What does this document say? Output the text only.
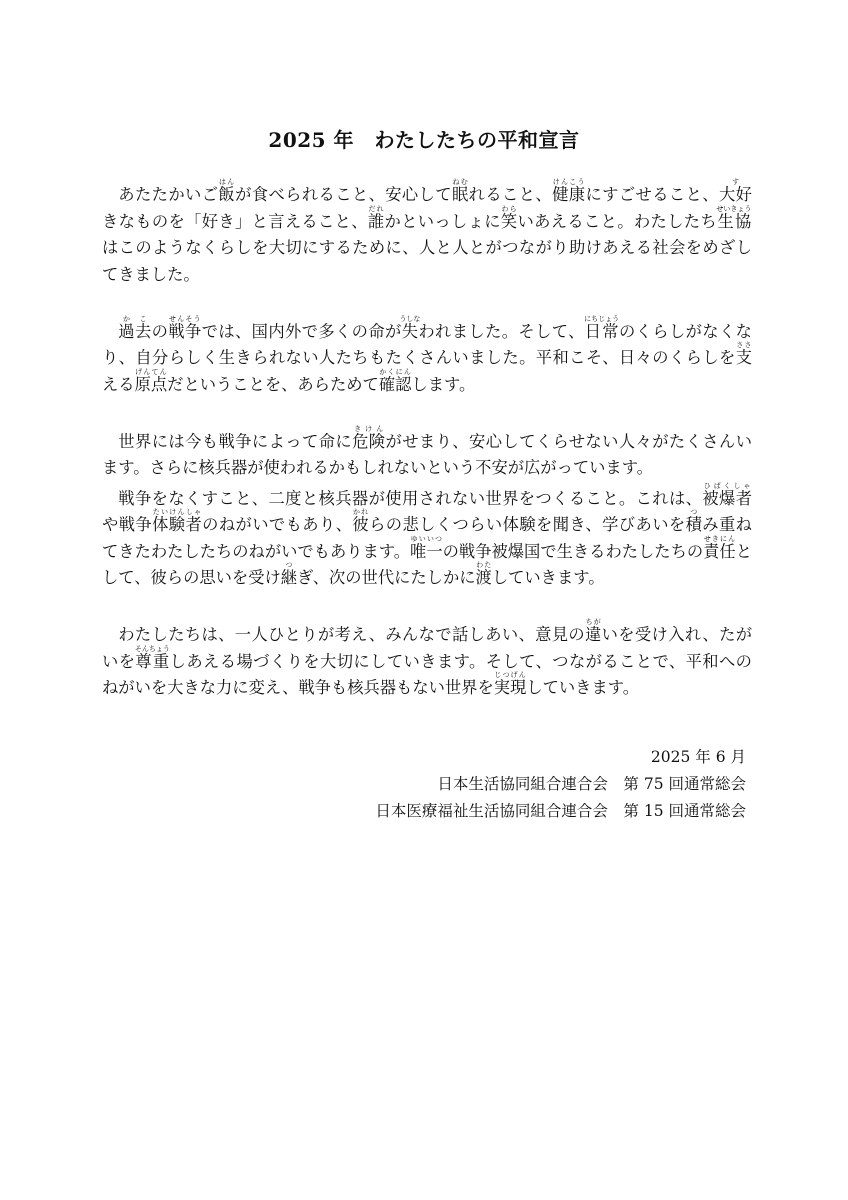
2025 年　わたしたちの平和宣言

あたたかいご飯はんが食べられること、安心して眠ねむれること、健康けんこうにすごせること、大好すきなものを「好き」と言えること、誰だれかといっしょに笑わらいあえること。わたしたち生協せいきょうはこのようなくらしを大切にするために、人と人とがつながり助けあえる社会をめざしてきました。

過去かこの戦争せんそうでは、国内外で多くの命が失うしなわれました。そして、日常にちじょうのくらしがなくなり、自分らしく生きられない人たちもたくさんいました。平和こそ、日々のくらしを支ささえる原点げんてんだということを、あらためて確認かくにんします。

世界には今も戦争によって命に危険きけんがせまり、安心してくらせない人々がたくさんいます。さらに核兵器が使われるかもしれないという不安が広がっています。

戦争をなくすこと、二度と核兵器が使用されない世界をつくること。これは、被爆者ひばくしゃや戦争体験者たいけんしゃのねがいでもあり、彼かれらの悲しくつらい体験を聞き、学びあいを積つみ重ねてきたわたしたちのねがいでもあります。唯一ゆいいつの戦争被爆国で生きるわたしたちの責任せきにんとして、彼らの思いを受け継つぎ、次の世代にたしかに渡わたしていきます。

わたしたちは、一人ひとりが考え、みんなで話しあい、意見の違ちがいを受け入れ、たがいを尊重そんちょうしあえる場づくりを大切にしていきます。そして、つながることで、平和へのねがいを大きな力に変え、戦争も核兵器もない世界を実現じつげんしていきます。

2025 年 6 月
日本生活協同組合連合会　第 75 回通常総会
日本医療福祉生活協同組合連合会　第 15 回通常総会
